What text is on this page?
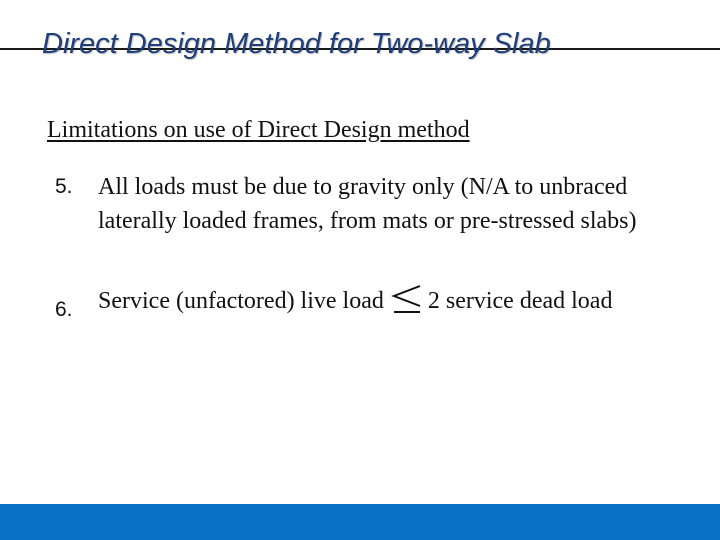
Direct Design Method for Two-way Slab
Limitations on use of Direct Design method
5.	All loads must be due to gravity only (N/A to unbraced laterally loaded frames, from mats or pre-stressed slabs)
6.	Service (unfactored) live load 2 service dead load
